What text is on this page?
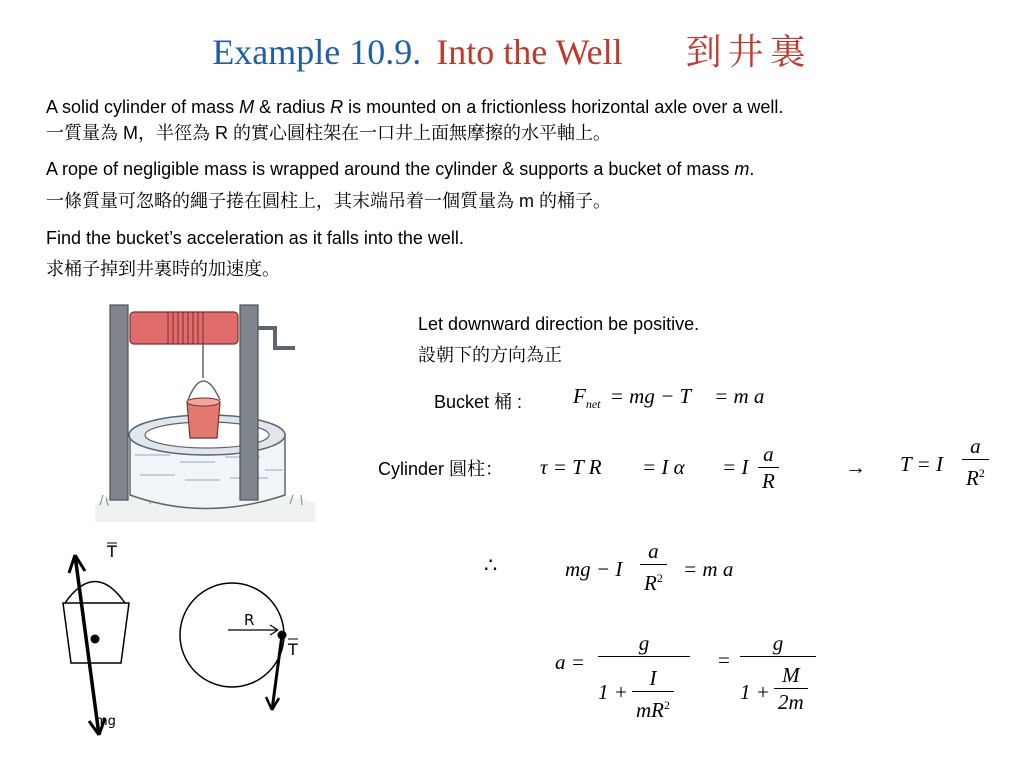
Example 10.9. Into the Well 到井裏
A solid cylinder of mass M & radius R is mounted on a frictionless horizontal axle over a well.
一質量為 M，半徑為 R 的實心圓柱架在一口井上面無摩擦的水平軸上。
A rope of negligible mass is wrapped around the cylinder & supports a bucket of mass m.
一條質量可忽略的繩子捲在圓柱上，其末端吊着一個質量為 m 的桶子。
Find the bucket’s acceleration as it falls into the well.
求桶子掉到井裏時的加速度。
T
mg
R
T
Let downward direction be positive.
設朝下的方向為正
Bucket 桶 : $F_{net}$ = mg − T = m a
Cylinder 圓柱： τ = T R = I α = I $\frac{a}{R}$	→ T = I $\frac{a}{R^2}$
∴	mg − I $\frac{a}{R^2} = m$ a
a =
g
$1 + \frac{I}{mR^2}$
=
g
$1 + \frac{M}{2m}$
